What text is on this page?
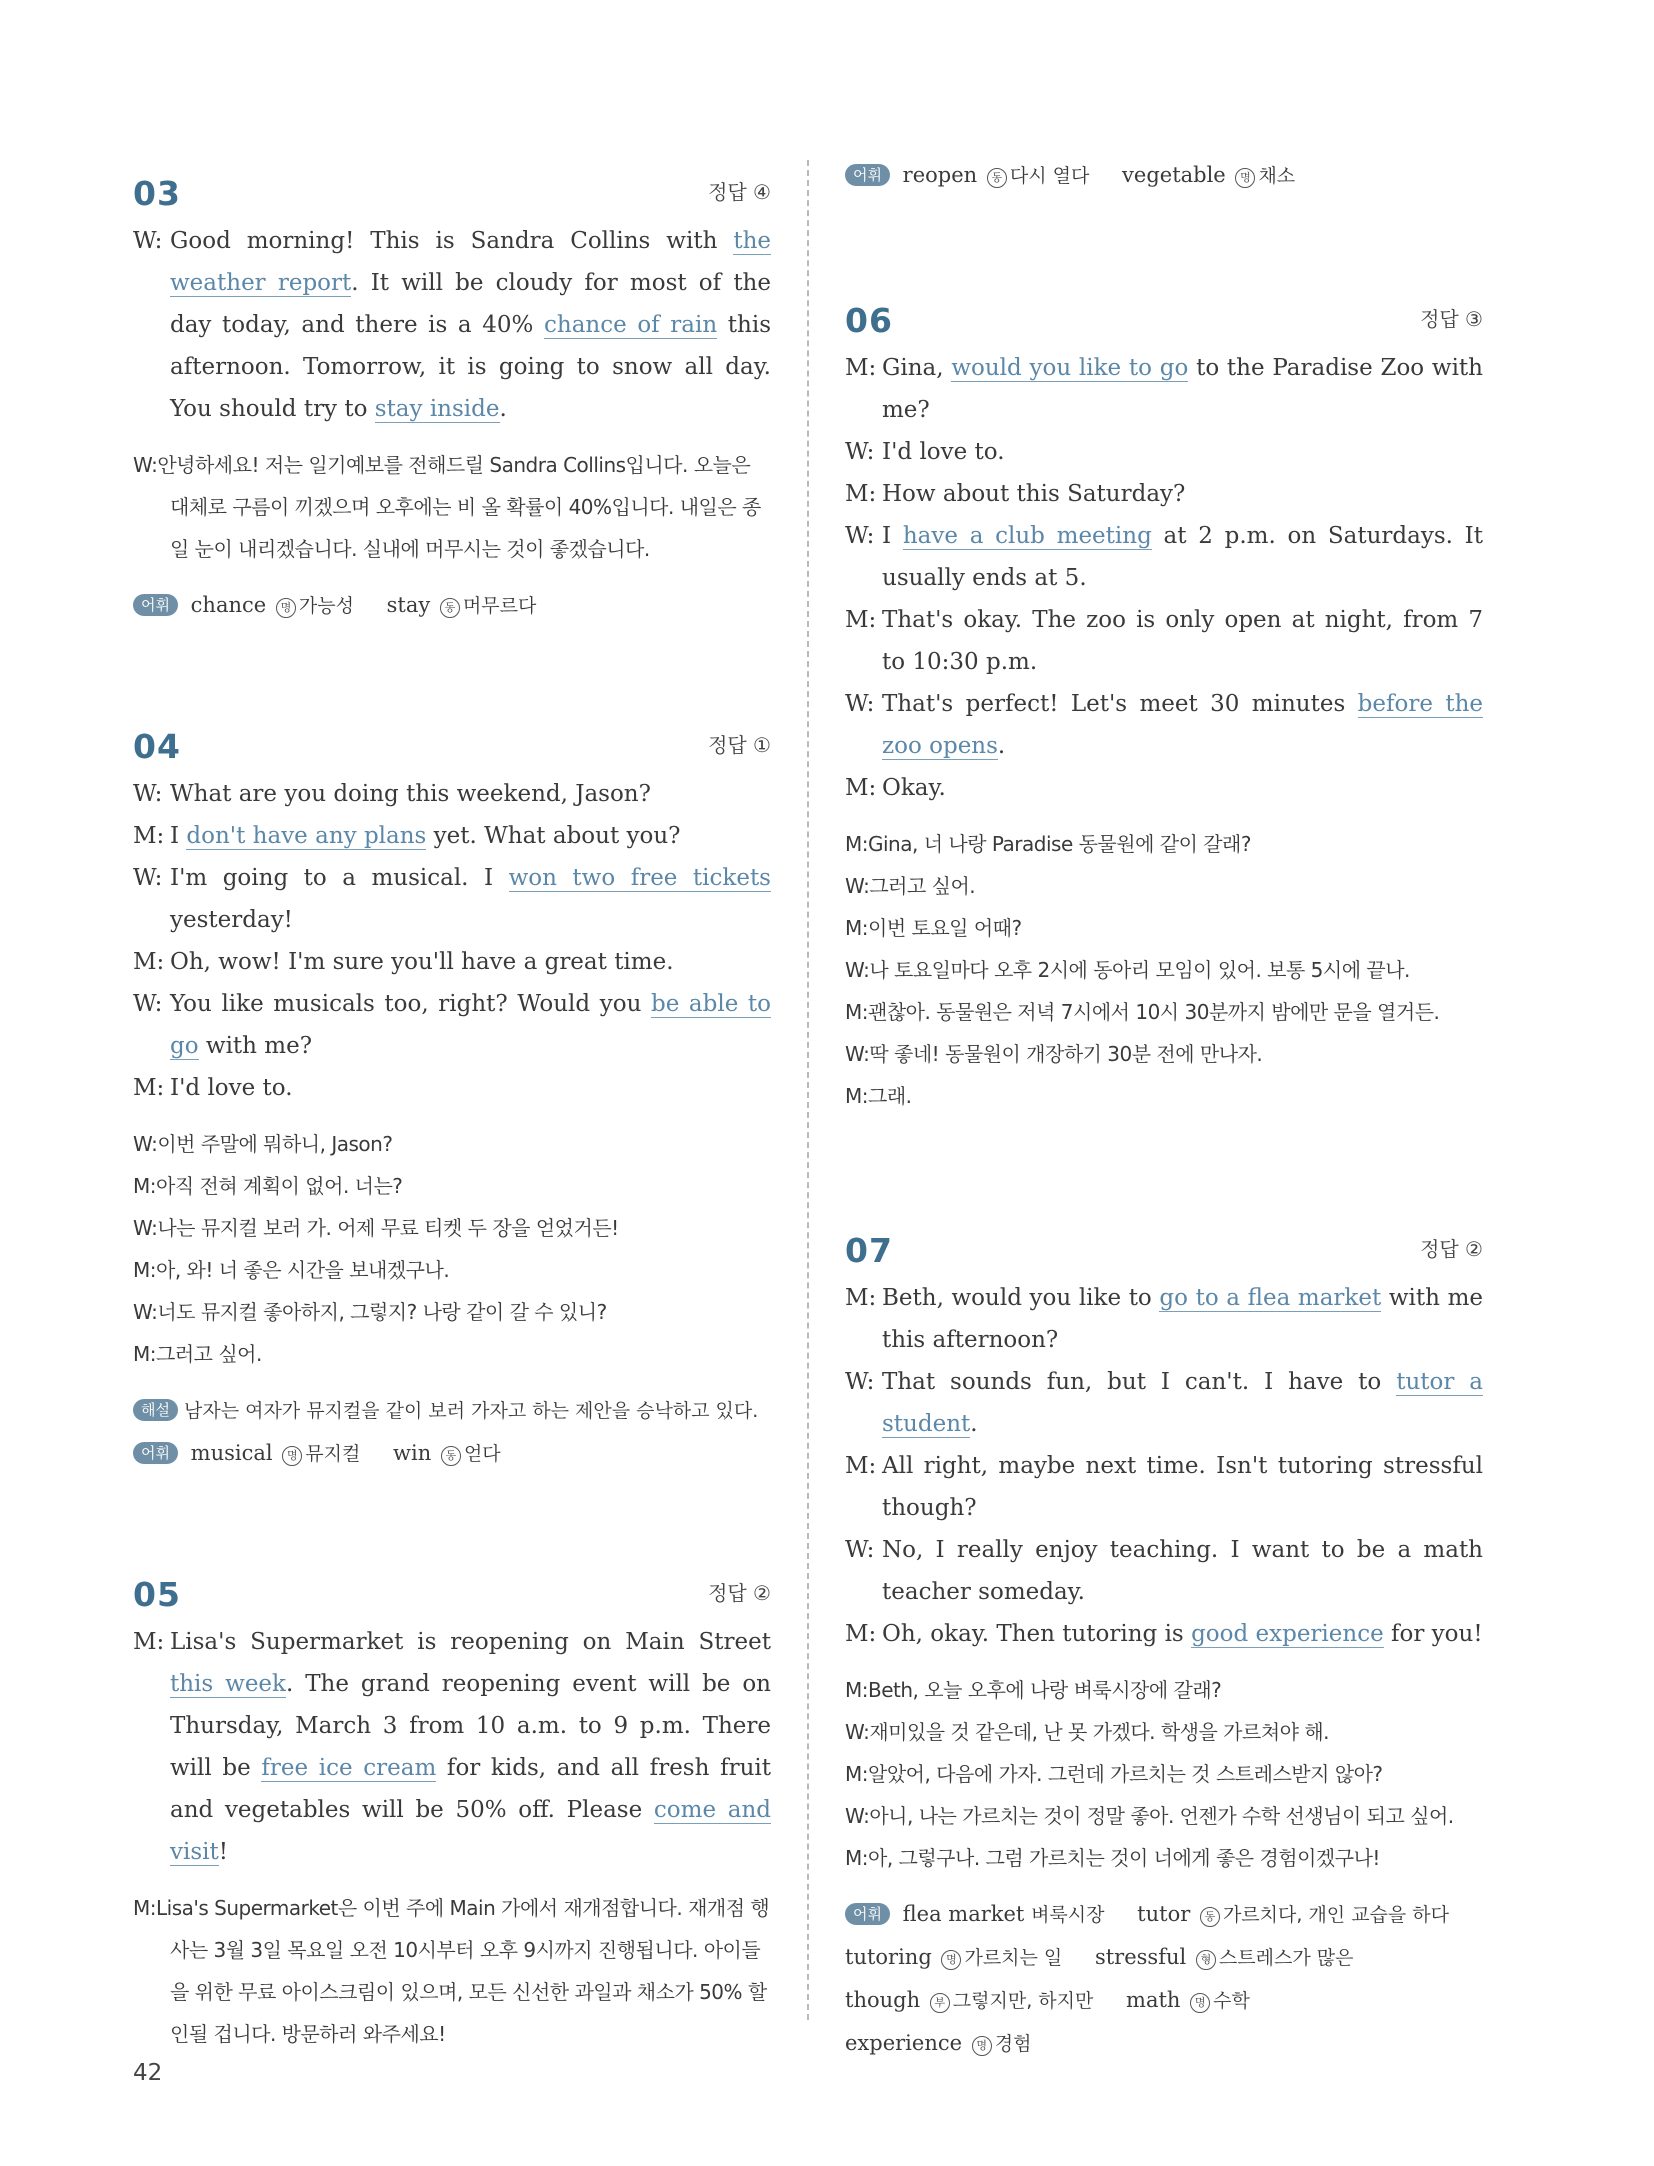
03	정답 ④

W: Good morning! This is Sandra Collins with the weather report. It will be cloudy for most of the day today, and there is a 40% chance of rain this afternoon. Tomorrow, it is going to snow all day. You should try to stay inside.

W:안녕하세요! 저는 일기예보를 전해드릴 Sandra Collins입니다. 오늘은 대체로 구름이 끼겠으며 오후에는 비 올 확률이 40%입니다. 내일은 종일 눈이 내리겠습니다. 실내에 머무시는 것이 좋겠습니다.

어휘 chance 명 가능성 stay 동 머무르다

04	정답 ①

W: What are you doing this weekend, Jason?

M: I don't have any plans yet. What about you?

W: I'm going to a musical. I won two free tickets yesterday!

M: Oh, wow! I'm sure you'll have a great time.

W: You like musicals too, right? Would you be able to go with me?

M: I'd love to.

W:이번 주말에 뭐하니, Jason?

M:아직 전혀 계획이 없어. 너는?

W:나는 뮤지컬 보러 가. 어제 무료 티켓 두 장을 얻었거든!

M:아, 와! 너 좋은 시간을 보내겠구나.

W:너도 뮤지컬 좋아하지, 그렇지? 나랑 같이 갈 수 있니?

M:그러고 싶어.

해설 남자는 여자가 뮤지컬을 같이 보러 가자고 하는 제안을 승낙하고 있다.

어휘 musical 명 뮤지컬 win 동 얻다

05	정답 ②

M: Lisa's Supermarket is reopening on Main Street this week. The grand reopening event will be on Thursday, March 3 from 10 a.m. to 9 p.m. There will be free ice cream for kids, and all fresh fruit and vegetables will be 50% off. Please come and visit!

M:Lisa's Supermarket은 이번 주에 Main 가에서 재개점합니다. 재개점 행사는 3월 3일 목요일 오전 10시부터 오후 9시까지 진행됩니다. 아이들을 위한 무료 아이스크림이 있으며, 모든 신선한 과일과 채소가 50% 할인될 겁니다. 방문하러 와주세요!

어휘 reopen 동 다시 열다 vegetable 명 채소

06	정답 ③

M: Gina, would you like to go to the Paradise Zoo with me?

W: I'd love to.

M: How about this Saturday?

W: I have a club meeting at 2 p.m. on Saturdays. It usually ends at 5.

M: That's okay. The zoo is only open at night, from 7 to 10:30 p.m.

W: That's perfect! Let's meet 30 minutes before the zoo opens.

M: Okay.

M:Gina, 너 나랑 Paradise 동물원에 같이 갈래?

W:그러고 싶어.

M:이번 토요일 어때?

W:나 토요일마다 오후 2시에 동아리 모임이 있어. 보통 5시에 끝나.

M:괜찮아. 동물원은 저녁 7시에서 10시 30분까지 밤에만 문을 열거든.

W:딱 좋네! 동물원이 개장하기 30분 전에 만나자.

M:그래.

07	정답 ②

M: Beth, would you like to go to a flea market with me this afternoon?

W: That sounds fun, but I can't. I have to tutor a student.

M: All right, maybe next time. Isn't tutoring stressful though?

W: No, I really enjoy teaching. I want to be a math teacher someday.

M: Oh, okay. Then tutoring is good experience for you!

M:Beth, 오늘 오후에 나랑 벼룩시장에 갈래?

W:재미있을 것 같은데, 난 못 가겠다. 학생을 가르쳐야 해.

M:알았어, 다음에 가자. 그런데 가르치는 것 스트레스받지 않아?

W:아니, 나는 가르치는 것이 정말 좋아. 언젠가 수학 선생님이 되고 싶어.

M:아, 그렇구나. 그럼 가르치는 것이 너에게 좋은 경험이겠구나!

어휘 flea market 벼룩시장 tutor 동 가르치다, 개인 교습을 하다 tutoring 명 가르치는 일 stressful 형 스트레스가 많은 though 부 그렇지만, 하지만 math 명 수학 experience 명 경험

42
